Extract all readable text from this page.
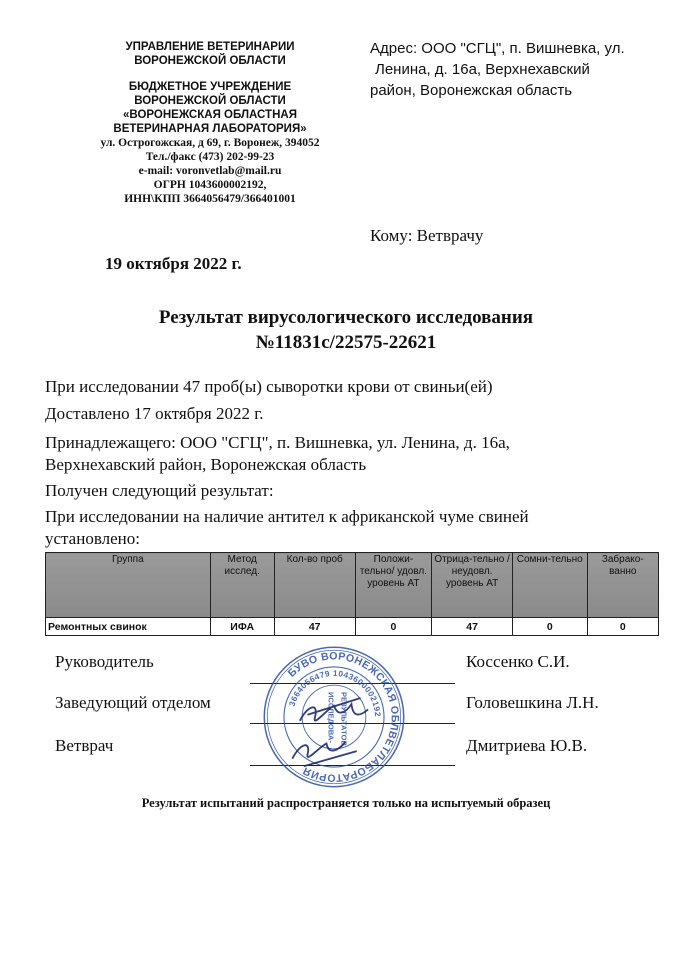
УПРАВЛЕНИЕ ВЕТЕРИНАРИИ
ВОРОНЕЖСКОЙ ОБЛАСТИ
БЮДЖЕТНОЕ УЧРЕЖДЕНИЕ
ВОРОНЕЖСКОЙ ОБЛАСТИ
«ВОРОНЕЖСКАЯ ОБЛАСТНАЯ
ВЕТЕРИНАРНАЯ ЛАБОРАТОРИЯ»
ул. Острогожская, д 69, г. Воронеж, 394052
Тел./факс (473) 202-99-23
e-mail: voronvetlab@mail.ru
ОГРН 1043600002192,
ИНН\КПП 3664056479/366401001
Адрес: ООО "СГЦ", п. Вишневка, ул.
Ленина, д. 16а, Верхнехавский
район, Воронежская область
Кому: Ветврачу
19 октября 2022 г.
Результат вирусологического исследования
№11831с/22575-22621
При исследовании 47 проб(ы) сыворотки крови от свиньи(ей)
Доставлено 17 октября 2022 г.
Принадлежащего: ООО "СГЦ", п. Вишневка, ул. Ленина, д. 16а,
Верхнехавский район, Воронежская область
Получен следующий результат:
При исследовании на наличие антител к африканской чуме свиней
установлено:
Группа	Метод исслед.	Кол-во проб	Положи-тельно/ удовл. уровень АТ	Отрица-тельно / неудовл. уровень АТ	Сомни-тельно	Забрако-ванно
Ремонтных свинок	ИФА	47	0	47	0	0
Руководитель	Коссенко С.И.
Заведующий отделом	Головешкина Л.Н.
Ветврач	Дмитриева Ю.В.
Результат испытаний распространяется только на испытуемый образец
БУВО ВОРОНЕЖСКАЯ ОБЛВЕТЛАБОРАТОРИЯ
3664056479 1043600002192
РЕЗУЛЬТАТОВ
ИССЛЕДОВА-
